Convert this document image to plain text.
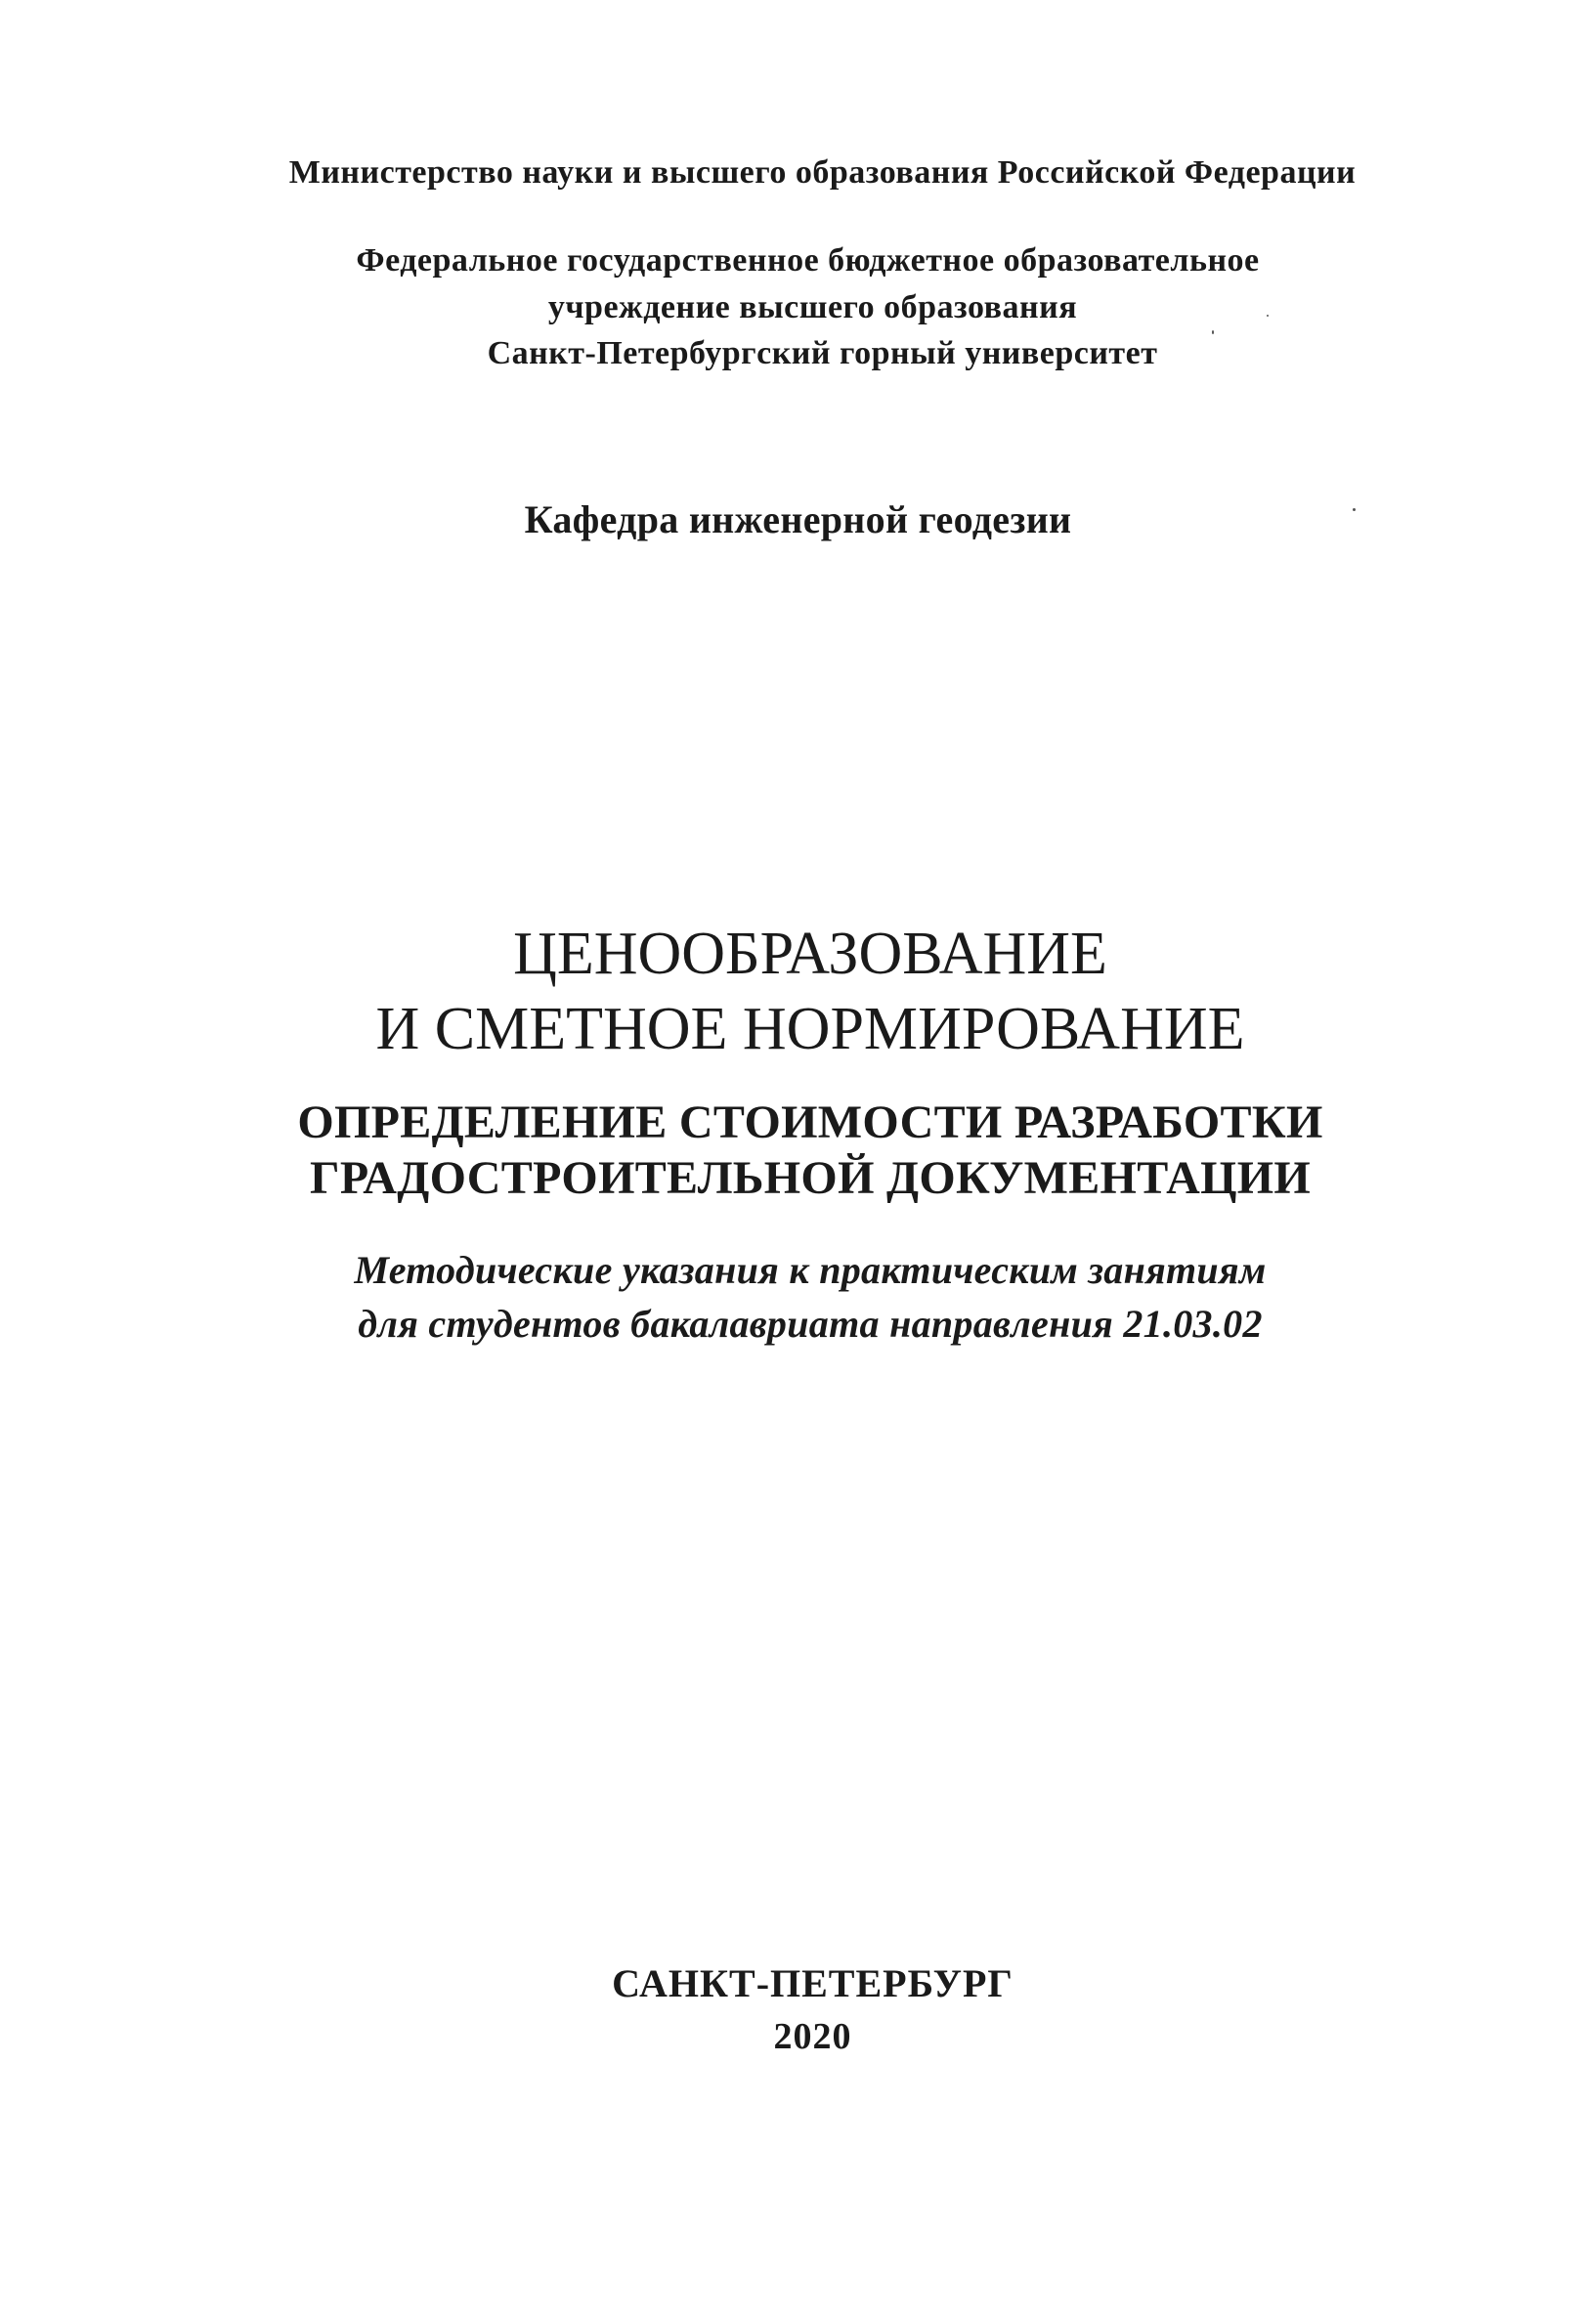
Министерство науки и высшего образования Российской Федерации
Федеральное государственное бюджетное образовательное
учреждение высшего образования
Санкт-Петербургский горный университет
Кафедра инженерной геодезии
ЦЕНООБРАЗОВАНИЕ
И СМЕТНОЕ НОРМИРОВАНИЕ
ОПРЕДЕЛЕНИЕ СТОИМОСТИ РАЗРАБОТКИ
ГРАДОСТРОИТЕЛЬНОЙ ДОКУМЕНТАЦИИ
Методические указания к практическим занятиям
для студентов бакалавриата направления 21.03.02
САНКТ-ПЕТЕРБУРГ
2020
